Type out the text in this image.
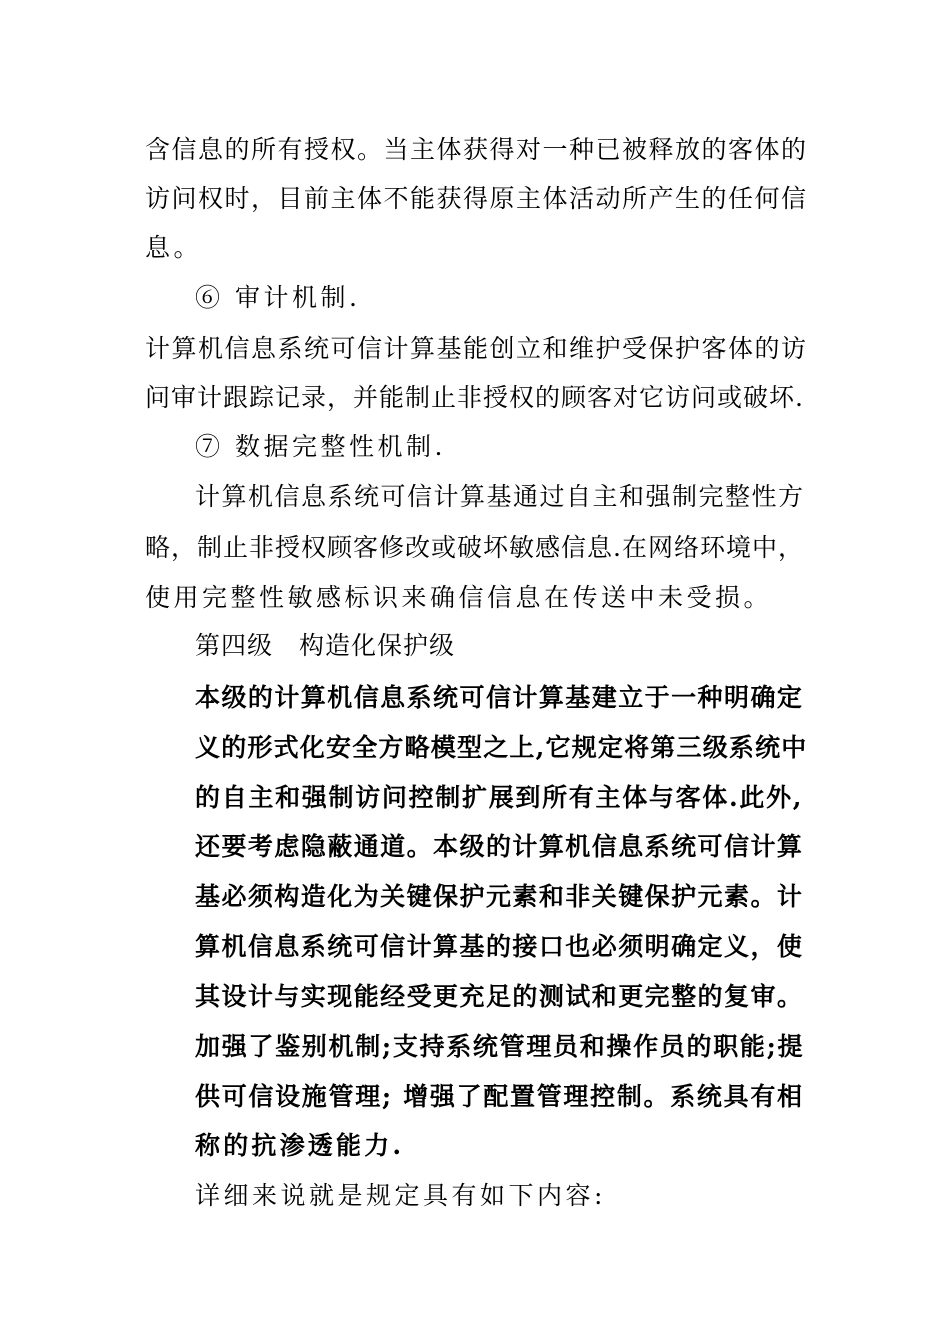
含信息的所有授权。当主体获得对一种已被释放的客体的
访问权时，目前主体不能获得原主体活动所产生的任何信
息。
⑥ 审计机制.
计算机信息系统可信计算基能创立和维护受保护客体的访
问审计跟踪记录，并能制止非授权的顾客对它访问或破坏.
⑦ 数据完整性机制.
计算机信息系统可信计算基通过自主和强制完整性方
略，制止非授权顾客修改或破坏敏感信息.在网络环境中，
使用完整性敏感标识来确信信息在传送中未受损。
第四级　构造化保护级
本级的计算机信息系统可信计算基建立于一种明确定
义的形式化安全方略模型之上,它规定将第三级系统中
的自主和强制访问控制扩展到所有主体与客体.此外,
还要考虑隐蔽通道。本级的计算机信息系统可信计算
基必须构造化为关键保护元素和非关键保护元素。计
算机信息系统可信计算基的接口也必须明确定义，使
其设计与实现能经受更充足的测试和更完整的复审。
加强了鉴别机制;支持系统管理员和操作员的职能;提
供可信设施管理; 增强了配置管理控制。系统具有相
称的抗渗透能力.
详细来说就是规定具有如下内容:
